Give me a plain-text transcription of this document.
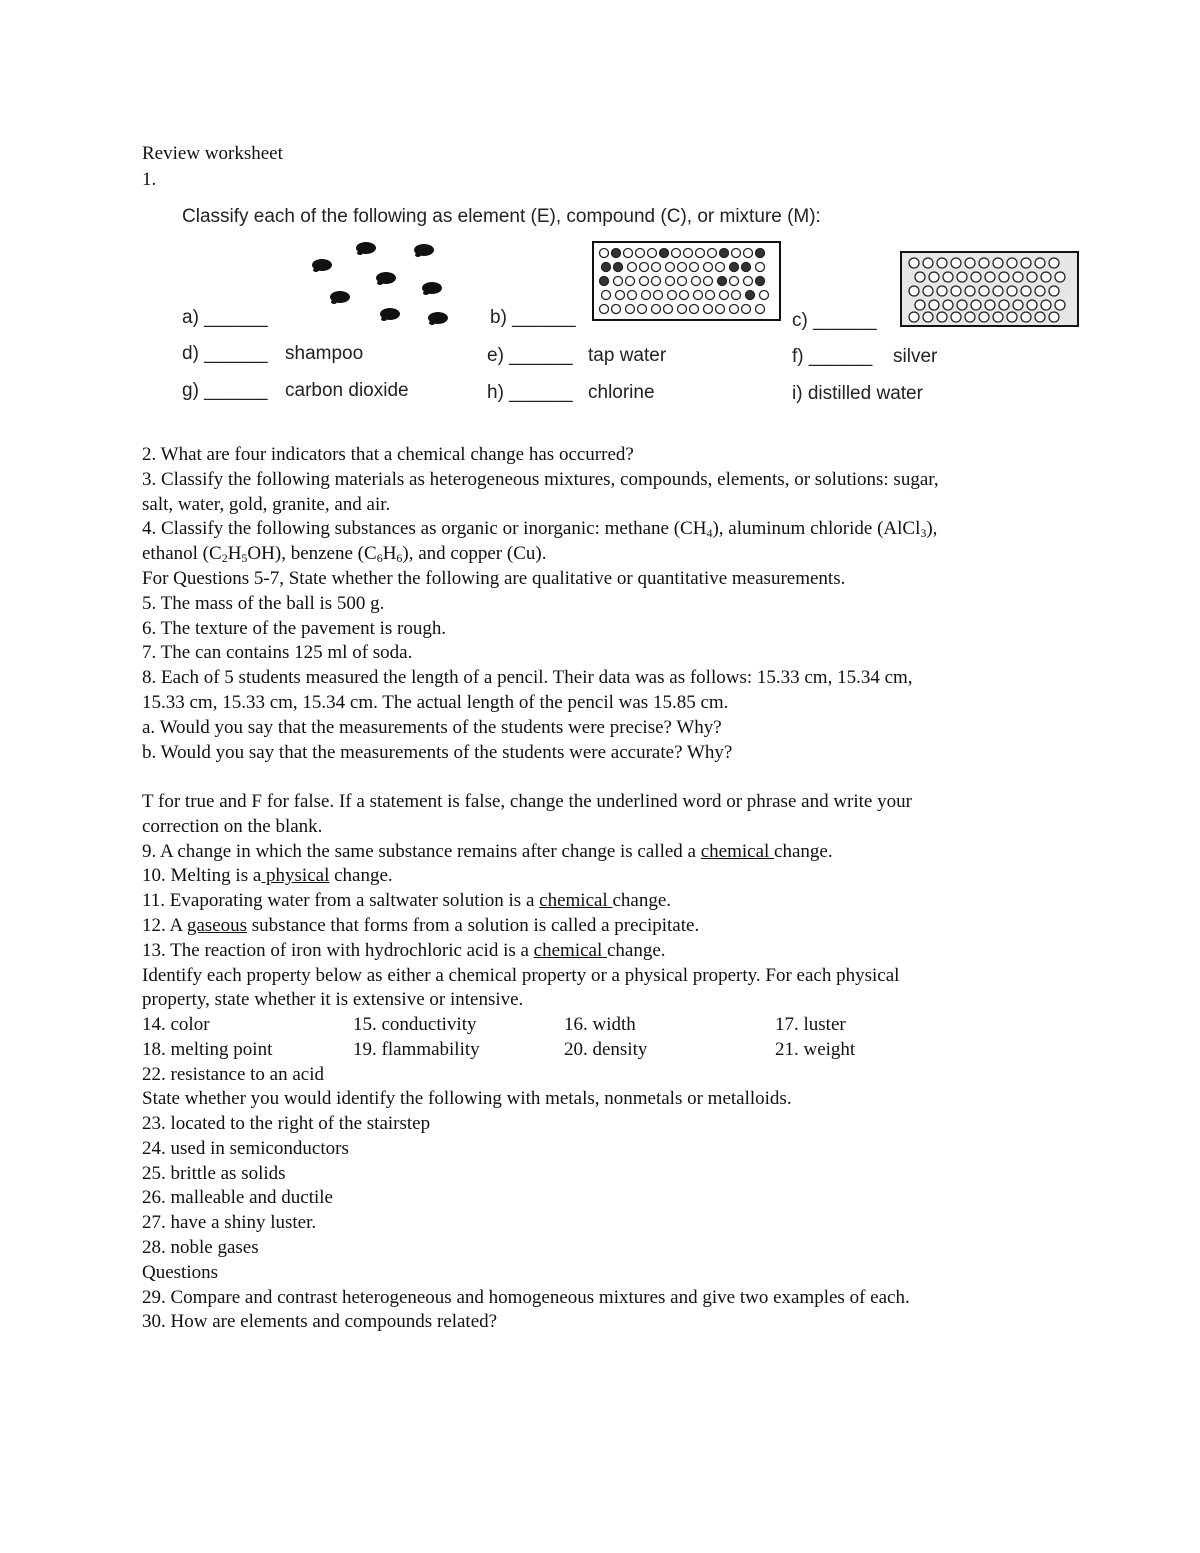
Review worksheet
1.
Classify each of the following as element (E), compound (C), or mixture (M):
a) ______	b) ______	c) ______
d) ______ shampoo	e) ______ tap water	f) ______ silver
g) ______ carbon dioxide	h) ______ chlorine	i) distilled water
2. What are four indicators that a chemical change has occurred?
3. Classify the following materials as heterogeneous mixtures, compounds, elements, or solutions: sugar,
salt, water, gold, granite, and air.
4. Classify the following substances as organic or inorganic: methane $(CH_4)$, aluminum chloride (AlCl$_3$),
ethanol $(C_2H_5OH)$, benzene $(C_6H_6)$, and copper (Cu).
For Questions 5-7, State whether the following are qualitative or quantitative measurements.
5. The mass of the ball is 500 g.
6. The texture of the pavement is rough.
7. The can contains 125 ml of soda.
8. Each of 5 students measured the length of a pencil. Their data was as follows: 15.33 cm, 15.34 cm,
15.33 cm, 15.33 cm, 15.34 cm. The actual length of the pencil was 15.85 cm.
a. Would you say that the measurements of the students were precise? Why?
b. Would you say that the measurements of the students were accurate? Why?
T for true and F for false. If a statement is false, change the underlined word or phrase and write your
correction on the blank.
9. A change in which the same substance remains after change is called a chemical change.
10. Melting is a physical change.
11. Evaporating water from a saltwater solution is a chemical change.
12. A gaseous substance that forms from a solution is called a precipitate.
13. The reaction of iron with hydrochloric acid is a chemical change.
Identify each property below as either a chemical property or a physical property. For each physical
property, state whether it is extensive or intensive.
14. color	15. conductivity	16. width	17. luster
18. melting point	19. flammability	20. density	21. weight
22. resistance to an acid
State whether you would identify the following with metals, nonmetals or metalloids.
23. located to the right of the stairstep
24. used in semiconductors
25. brittle as solids
26. malleable and ductile
27. have a shiny luster.
28. noble gases
Questions
29. Compare and contrast heterogeneous and homogeneous mixtures and give two examples of each.
30. How are elements and compounds related?
